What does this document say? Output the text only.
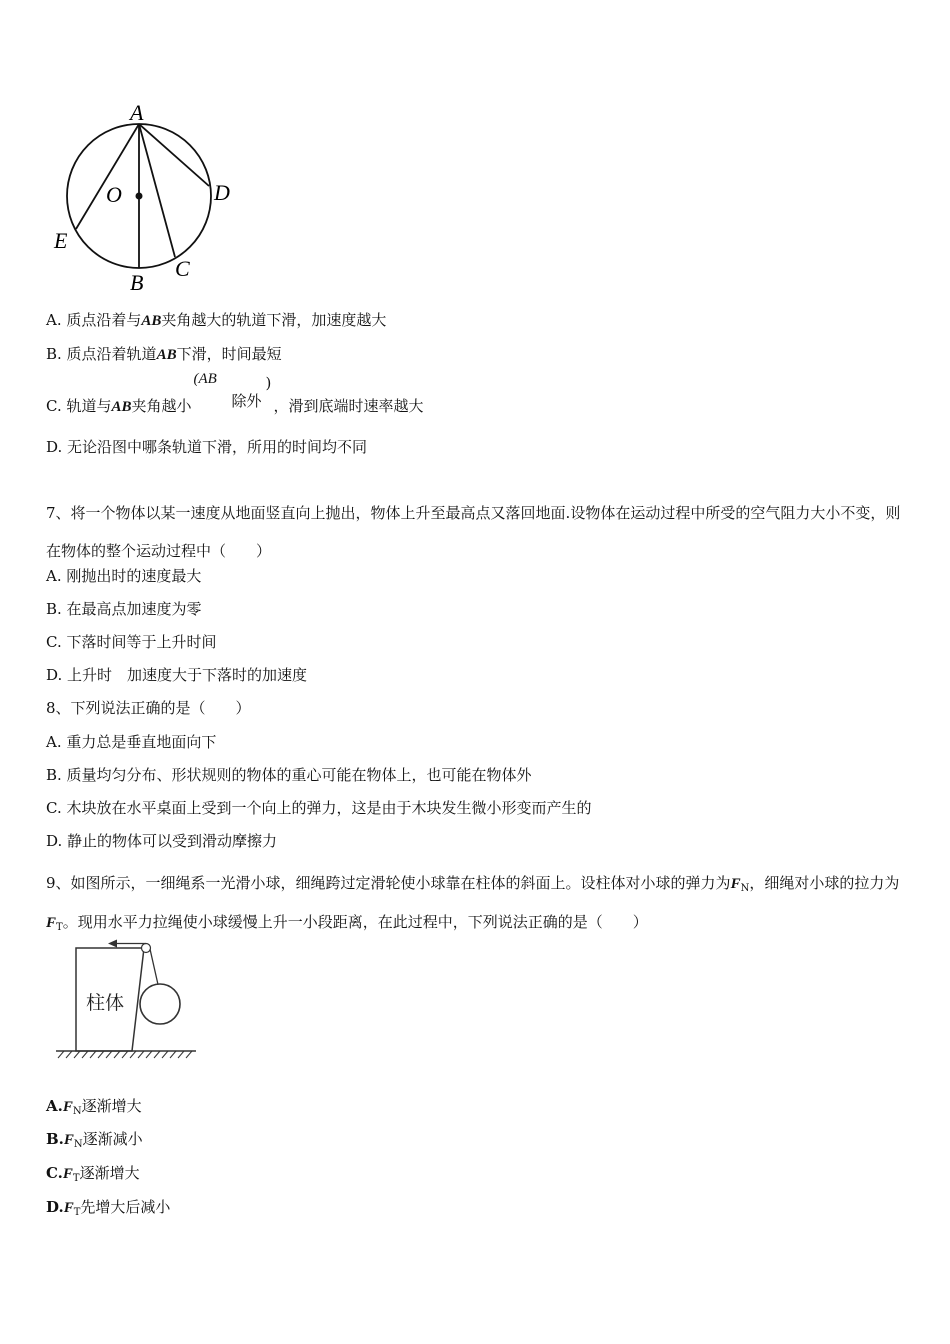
A
O	D
E
B
C
A. 质点沿着与AB夹角越大的轨道下滑，加速度越大
B. 质点沿着轨道AB下滑，时间最短
C. 轨道与AB夹角越小
(AB
除外
)
，滑到底端时速率越大
D. 无论沿图中哪条轨道下滑，所用的时间均不同
7、将一个物体以某一速度从地面竖直向上抛出，物体上升至最高点又落回地面.设物体在运动过程中所受的空气阻力大小不变，则在物体的整个运动过程中（　　）
A. 刚抛出时的速度最大
B. 在最高点加速度为零
C. 下落时间等于上升时间
D. 上升时　加速度大于下落时的加速度
8、下列说法正确的是（　　）
A. 重力总是垂直地面向下
B. 质量均匀分布、形状规则的物体的重心可能在物体上，也可能在物体外
C. 木块放在水平桌面上受到一个向上的弹力，这是由于木块发生微小形变而产生的
D. 静止的物体可以受到滑动摩擦力
9、如图所示，一细绳系一光滑小球，细绳跨过定滑轮使小球靠在柱体的斜面上。设柱体对小球的弹力为$F_N$，细绳对小球的拉力为$F_T$。现用水平力拉绳使小球缓慢上升一小段距离，在此过程中，下列说法正确的是（　　）
柱体
$A.F_N$逐渐增大
$B.F_N$逐渐减小
$C.F_T$逐渐增大
$D.F_T$先增大后减小
